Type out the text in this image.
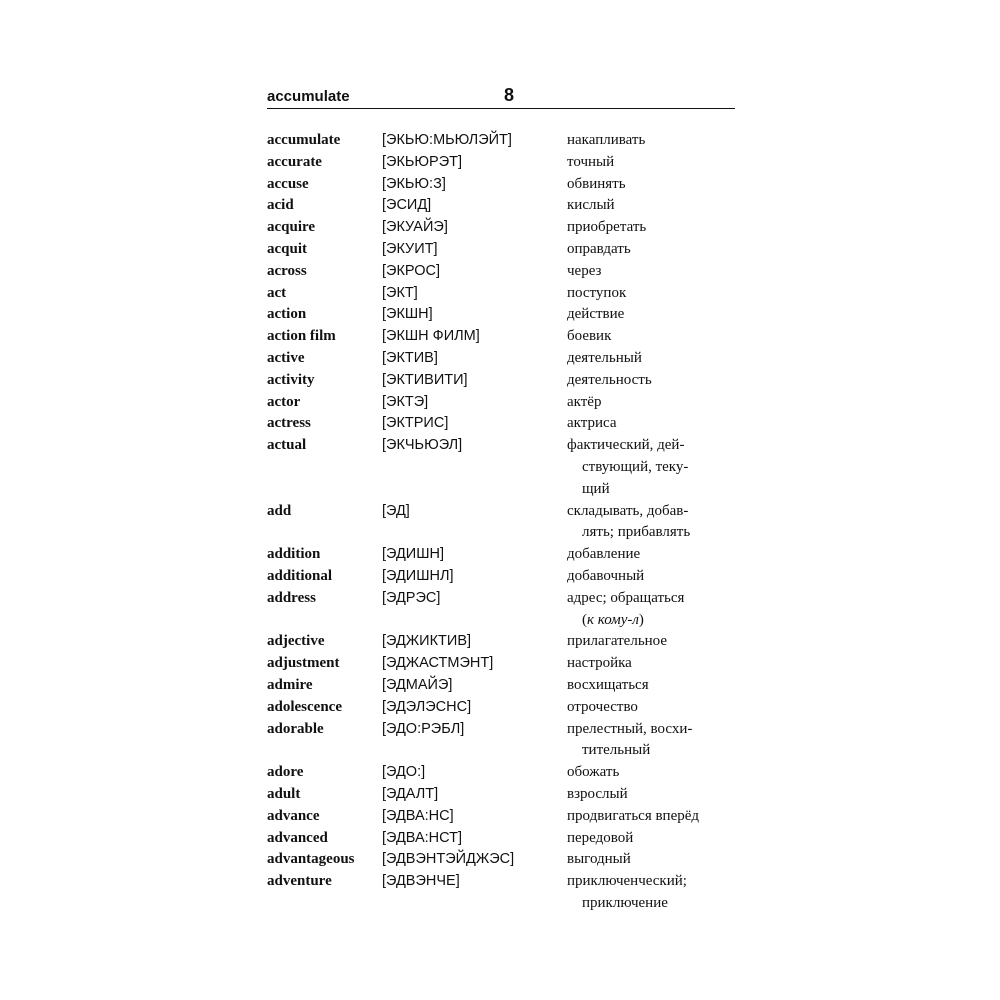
accumulate	8
accumulate	[ЭКЬЮ:МЬЮЛЭЙТ]	накапливать
accurate	[ЭКЬЮРЭТ]	точный
accuse	[ЭКЬЮ:З]	обвинять
acid	[ЭСИД]	кислый
acquire	[ЭКУАЙЭ]	приобретать
acquit	[ЭКУИТ]	оправдать
across	[ЭКРОС]	через
act	[ЭКТ]	поступок
action	[ЭКШН]	действие
action film	[ЭКШН ФИЛМ]	боевик
active	[ЭКТИВ]	деятельный
activity	[ЭКТИВИТИ]	деятельность
actor	[ЭКТЭ]	актёр
actress	[ЭКТРИС]	актриса
actual	[ЭКЧЬЮЭЛ]	фактический, дей-
ствующий, теку-
щий
add	[ЭД]	складывать, добав-
лять; прибавлять
addition	[ЭДИШН]	добавление
additional	[ЭДИШНЛ]	добавочный
address	[ЭДРЭС]	адрес; обращаться
(к кому-л)
adjective	[ЭДЖИКТИВ]	прилагательное
adjustment	[ЭДЖАСТМЭНТ]	настройка
admire	[ЭДМАЙЭ]	восхищаться
adolescence	[ЭДЭЛЭСНС]	отрочество
adorable	[ЭДО:РЭБЛ]	прелестный, восхи-
тительный
adore	[ЭДО:]	обожать
adult	[ЭДАЛТ]	взрослый
advance	[ЭДВА:НС]	продвигаться вперёд
advanced	[ЭДВА:НСТ]	передовой
advantageous	[ЭДВЭНТЭЙДЖЭС]	выгодный
adventure	[ЭДВЭНЧЕ]	приключенческий;
приключение
